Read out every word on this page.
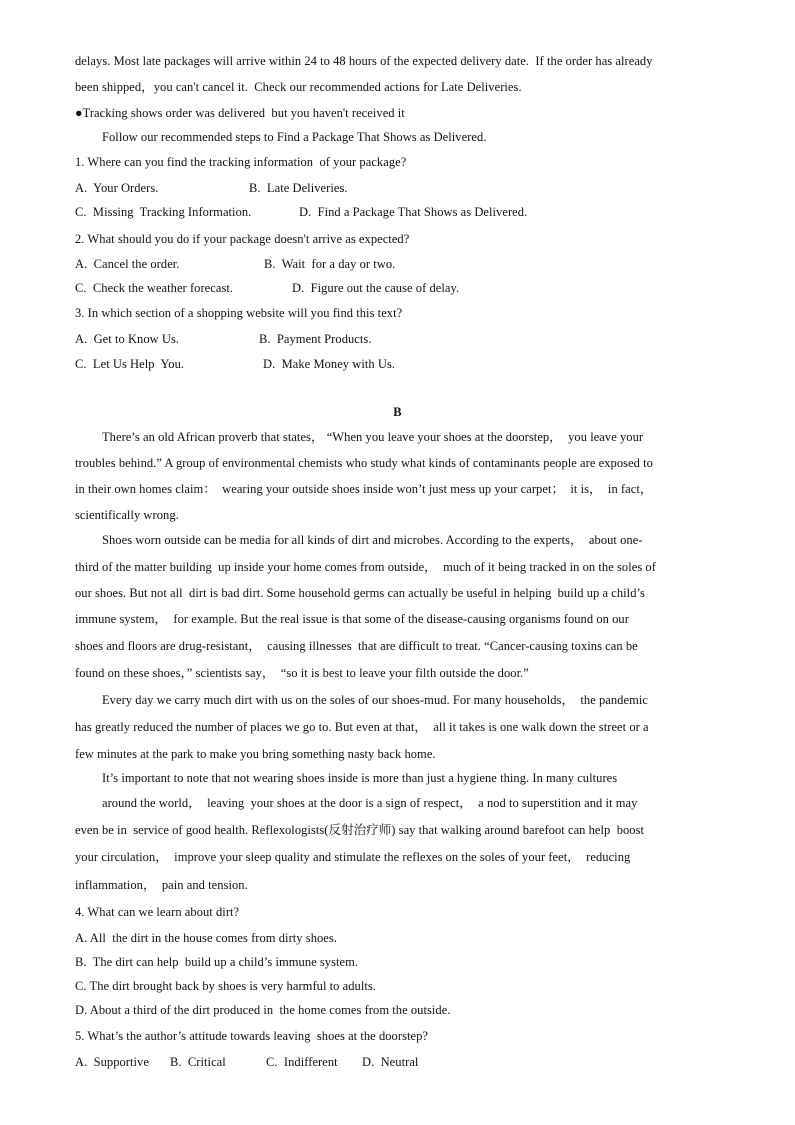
delays. Most late packages will arrive within 24 to 48 hours of the expected delivery date.  If the order has already
been shipped，you can't cancel it.  Check our recommended actions for Late Deliveries.
●Tracking shows order was delivered  but you haven't received it
Follow our recommended steps to Find a Package That Shows as Delivered.
1. Where can you find the tracking information  of your package?
A.  Your Orders.	B.  Late Deliveries.
C.  Missing  Tracking Information.	D.  Find a Package That Shows as Delivered.
2. What should you do if your package doesn't arrive as expected?
A.  Cancel the order.	B.  Wait  for a day or two.
C.  Check the weather forecast.	D.  Figure out the cause of delay.
3. In which section of a shopping website will you find this text?
A.  Get to Know Us.	B.  Payment Products.
C.  Let Us Help  You.	D.  Make Money with Us.
B
There’s an old African proverb that states， “When you leave your shoes at the doorstep，  you leave your
troubles behind.” A group of environmental chemists who study what kinds of contaminants people are exposed to
in their own homes claim：  wearing your outside shoes inside won’t just mess up your carpet；  it is，  in fact，
scientifically wrong.
Shoes worn outside can be media for all kinds of dirt and microbes. According to the experts，  about one-
third of the matter building  up inside your home comes from outside，  much of it being tracked in on the soles of
our shoes. But not all  dirt is bad dirt. Some household germs can actually be useful in helping  build up a child’s
immune system，  for example. But the real issue is that some of the disease-causing organisms found on our
shoes and floors are drug-resistant，  causing illnesses  that are difficult to treat. “Cancer-causing toxins can be
found on these shoes，” scientists say，  “so it is best to leave your filth outside the door.”
Every day we carry much dirt with us on the soles of our shoes-mud. For many households，  the pandemic
has greatly reduced the number of places we go to. But even at that，  all it takes is one walk down the street or a
few minutes at the park to make you bring something nasty back home.
It’s important to note that not wearing shoes inside is more than just a hygiene thing. In many cultures
around the world，  leaving  your shoes at the door is a sign of respect，  a nod to superstition and it may
even be in  service of good health. Reflexologists(反射治疗师) say that walking around barefoot can help  boost
your circulation，  improve your sleep quality and stimulate the reflexes on the soles of your feet，  reducing
inflammation，  pain and tension.
4. What can we learn about dirt?
A. All  the dirt in the house comes from dirty shoes.
B.  The dirt can help  build up a child’s immune system.
C. The dirt brought back by shoes is very harmful to adults.
D. About a third of the dirt produced in  the home comes from the outside.
5. What’s the author’s attitude towards leaving  shoes at the doorstep?
A.  Supportive B.  Critical	C.  Indifferent D.  Neutral
